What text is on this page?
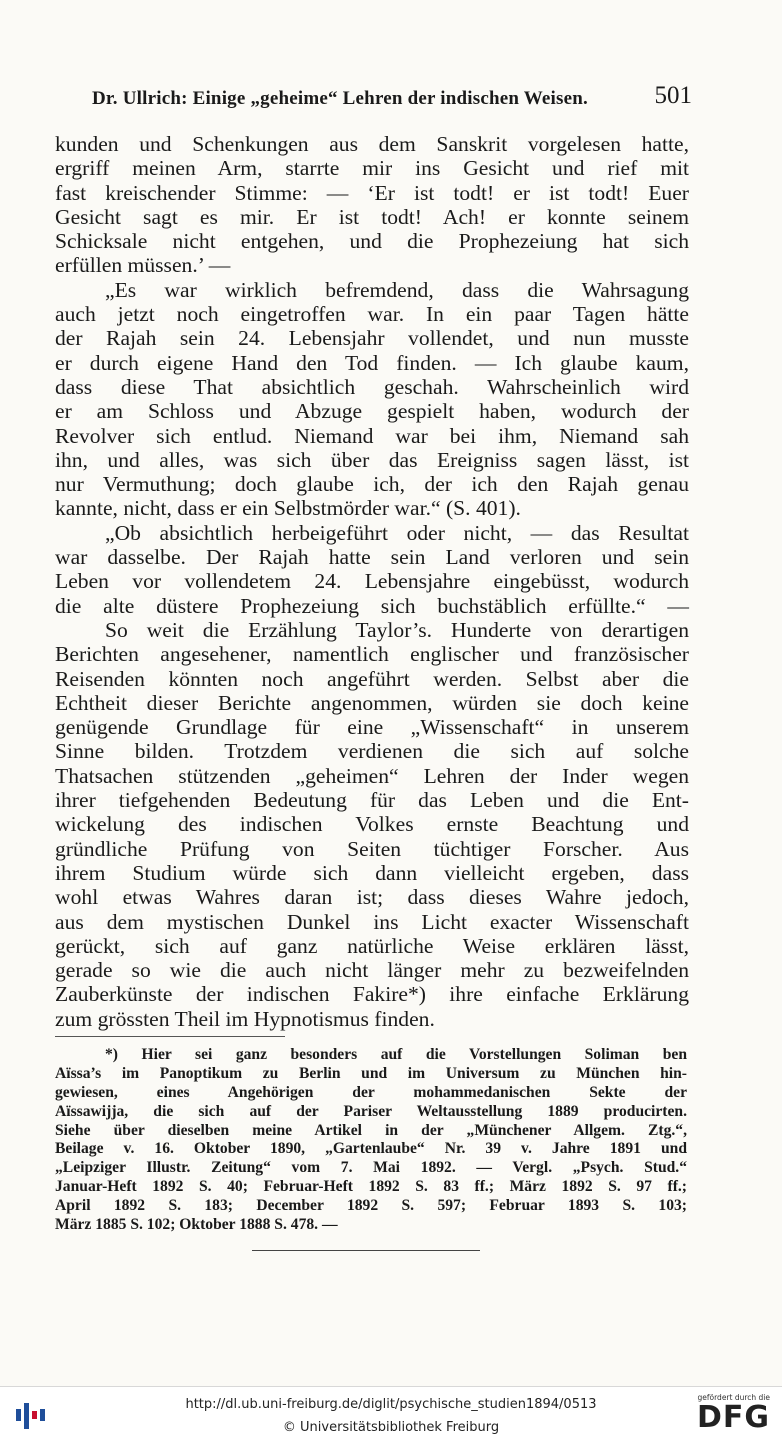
Dr. Ullrich: Einige „geheime“ Lehren der indischen Weisen.	501
kunden und Schenkungen aus dem Sanskrit vorgelesen hatte,
ergriff meinen Arm, starrte mir ins Gesicht und rief mit
fast kreischender Stimme: — ‘Er ist todt! er ist todt! Euer
Gesicht sagt es mir. Er ist todt! Ach! er konnte seinem
Schicksale nicht entgehen, und die Prophezeiung hat sich
erfüllen müssen.’ —
„Es war wirklich befremdend, dass die Wahrsagung
auch jetzt noch eingetroffen war. In ein paar Tagen hätte
der Rajah sein 24. Lebensjahr vollendet, und nun musste
er durch eigene Hand den Tod finden. — Ich glaube kaum,
dass diese That absichtlich geschah. Wahrscheinlich wird
er am Schloss und Abzuge gespielt haben, wodurch der
Revolver sich entlud. Niemand war bei ihm, Niemand sah
ihn, und alles, was sich über das Ereigniss sagen lässt, ist
nur Vermuthung; doch glaube ich, der ich den Rajah genau
kannte, nicht, dass er ein Selbstmörder war.“ (S. 401).
„Ob absichtlich herbeigeführt oder nicht, — das Resultat
war dasselbe. Der Rajah hatte sein Land verloren und sein
Leben vor vollendetem 24. Lebensjahre eingebüsst, wodurch
die alte düstere Prophezeiung sich buchstäblich erfüllte.“ —
So weit die Erzählung Taylor’s. Hunderte von derartigen
Berichten angesehener, namentlich englischer und französischer
Reisenden könnten noch angeführt werden. Selbst aber die
Echtheit dieser Berichte angenommen, würden sie doch keine
genügende Grundlage für eine „Wissenschaft“ in unserem
Sinne bilden. Trotzdem verdienen die sich auf solche
Thatsachen stützenden „geheimen“ Lehren der Inder wegen
ihrer tiefgehenden Bedeutung für das Leben und die Ent-
wickelung des indischen Volkes ernste Beachtung und
gründliche Prüfung von Seiten tüchtiger Forscher. Aus
ihrem Studium würde sich dann vielleicht ergeben, dass
wohl etwas Wahres daran ist; dass dieses Wahre jedoch,
aus dem mystischen Dunkel ins Licht exacter Wissenschaft
gerückt, sich auf ganz natürliche Weise erklären lässt,
gerade so wie die auch nicht länger mehr zu bezweifelnden
Zauberkünste der indischen Fakire*) ihre einfache Erklärung
zum grössten Theil im Hypnotismus finden.
*) Hier sei ganz besonders auf die Vorstellungen Soliman ben
Aïssa’s im Panoptikum zu Berlin und im Universum zu München hin-
gewiesen, eines Angehörigen der mohammedanischen Sekte der
Aïssawijja, die sich auf der Pariser Weltausstellung 1889 producirten.
Siehe über dieselben meine Artikel in der „Münchener Allgem. Ztg.“,
Beilage v. 16. Oktober 1890, „Gartenlaube“ Nr. 39 v. Jahre 1891 und
„Leipziger Illustr. Zeitung“ vom 7. Mai 1892. — Vergl. „Psych. Stud.“
Januar-Heft 1892 S. 40; Februar-Heft 1892 S. 83 ff.; März 1892 S. 97 ff.;
April 1892 S. 183; December 1892 S. 597; Februar 1893 S. 103;
März 1885 S. 102; Oktober 1888 S. 478. —
http://dl.ub.uni-freiburg.de/diglit/psychische_studien1894/0513
© Universitätsbibliothek Freiburg
gefördert durch die
DFG
